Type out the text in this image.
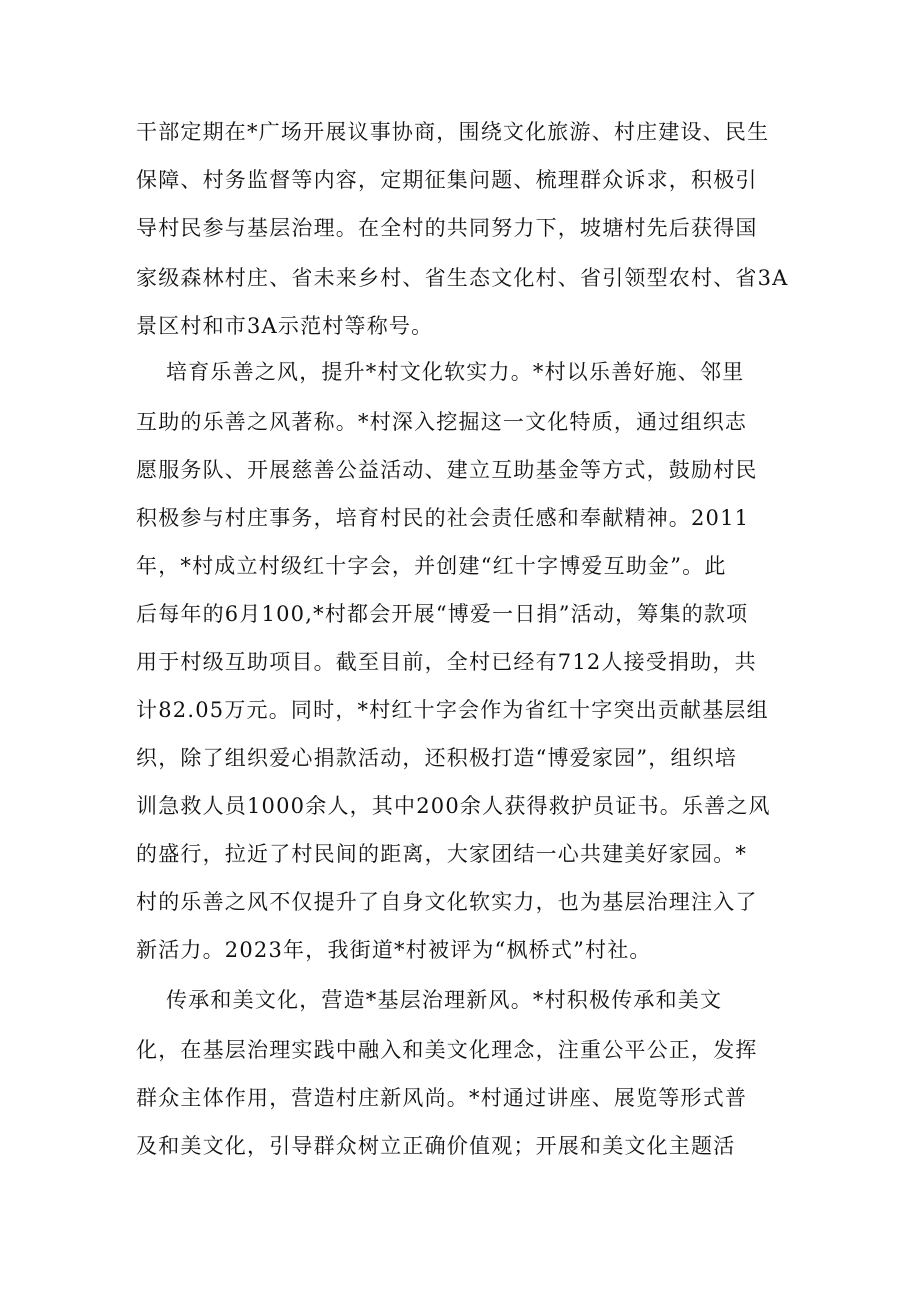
干部定期在*广场开展议事协商，围绕文化旅游、村庄建设、民生
保障、村务监督等内容，定期征集问题、梳理群众诉求，积极引
导村民参与基层治理。在全村的共同努力下，坡塘村先后获得国
家级森林村庄、省未来乡村、省生态文化村、省引领型农村、省3A
景区村和市3A示范村等称号。
培育乐善之风，提升*村文化软实力。*村以乐善好施、邻里
互助的乐善之风著称。*村深入挖掘这一文化特质，通过组织志
愿服务队、开展慈善公益活动、建立互助基金等方式，鼓励村民
积极参与村庄事务，培育村民的社会责任感和奉献精神。2011
年，*村成立村级红十字会，并创建“红十字博爱互助金”。此
后每年的6月100,*村都会开展“博爱一日捐”活动，筹集的款项
用于村级互助项目。截至目前，全村已经有712人接受捐助，共
计82.05万元。同时，*村红十字会作为省红十字突出贡献基层组
织，除了组织爱心捐款活动，还积极打造“博爱家园”，组织培
训急救人员1000余人，其中200余人获得救护员证书。乐善之风
的盛行，拉近了村民间的距离，大家团结一心共建美好家园。*
村的乐善之风不仅提升了自身文化软实力，也为基层治理注入了
新活力。2023年，我街道*村被评为“枫桥式”村社。
传承和美文化，营造*基层治理新风。*村积极传承和美文
化，在基层治理实践中融入和美文化理念，注重公平公正，发挥
群众主体作用，营造村庄新风尚。*村通过讲座、展览等形式普
及和美文化，引导群众树立正确价值观；开展和美文化主题活
